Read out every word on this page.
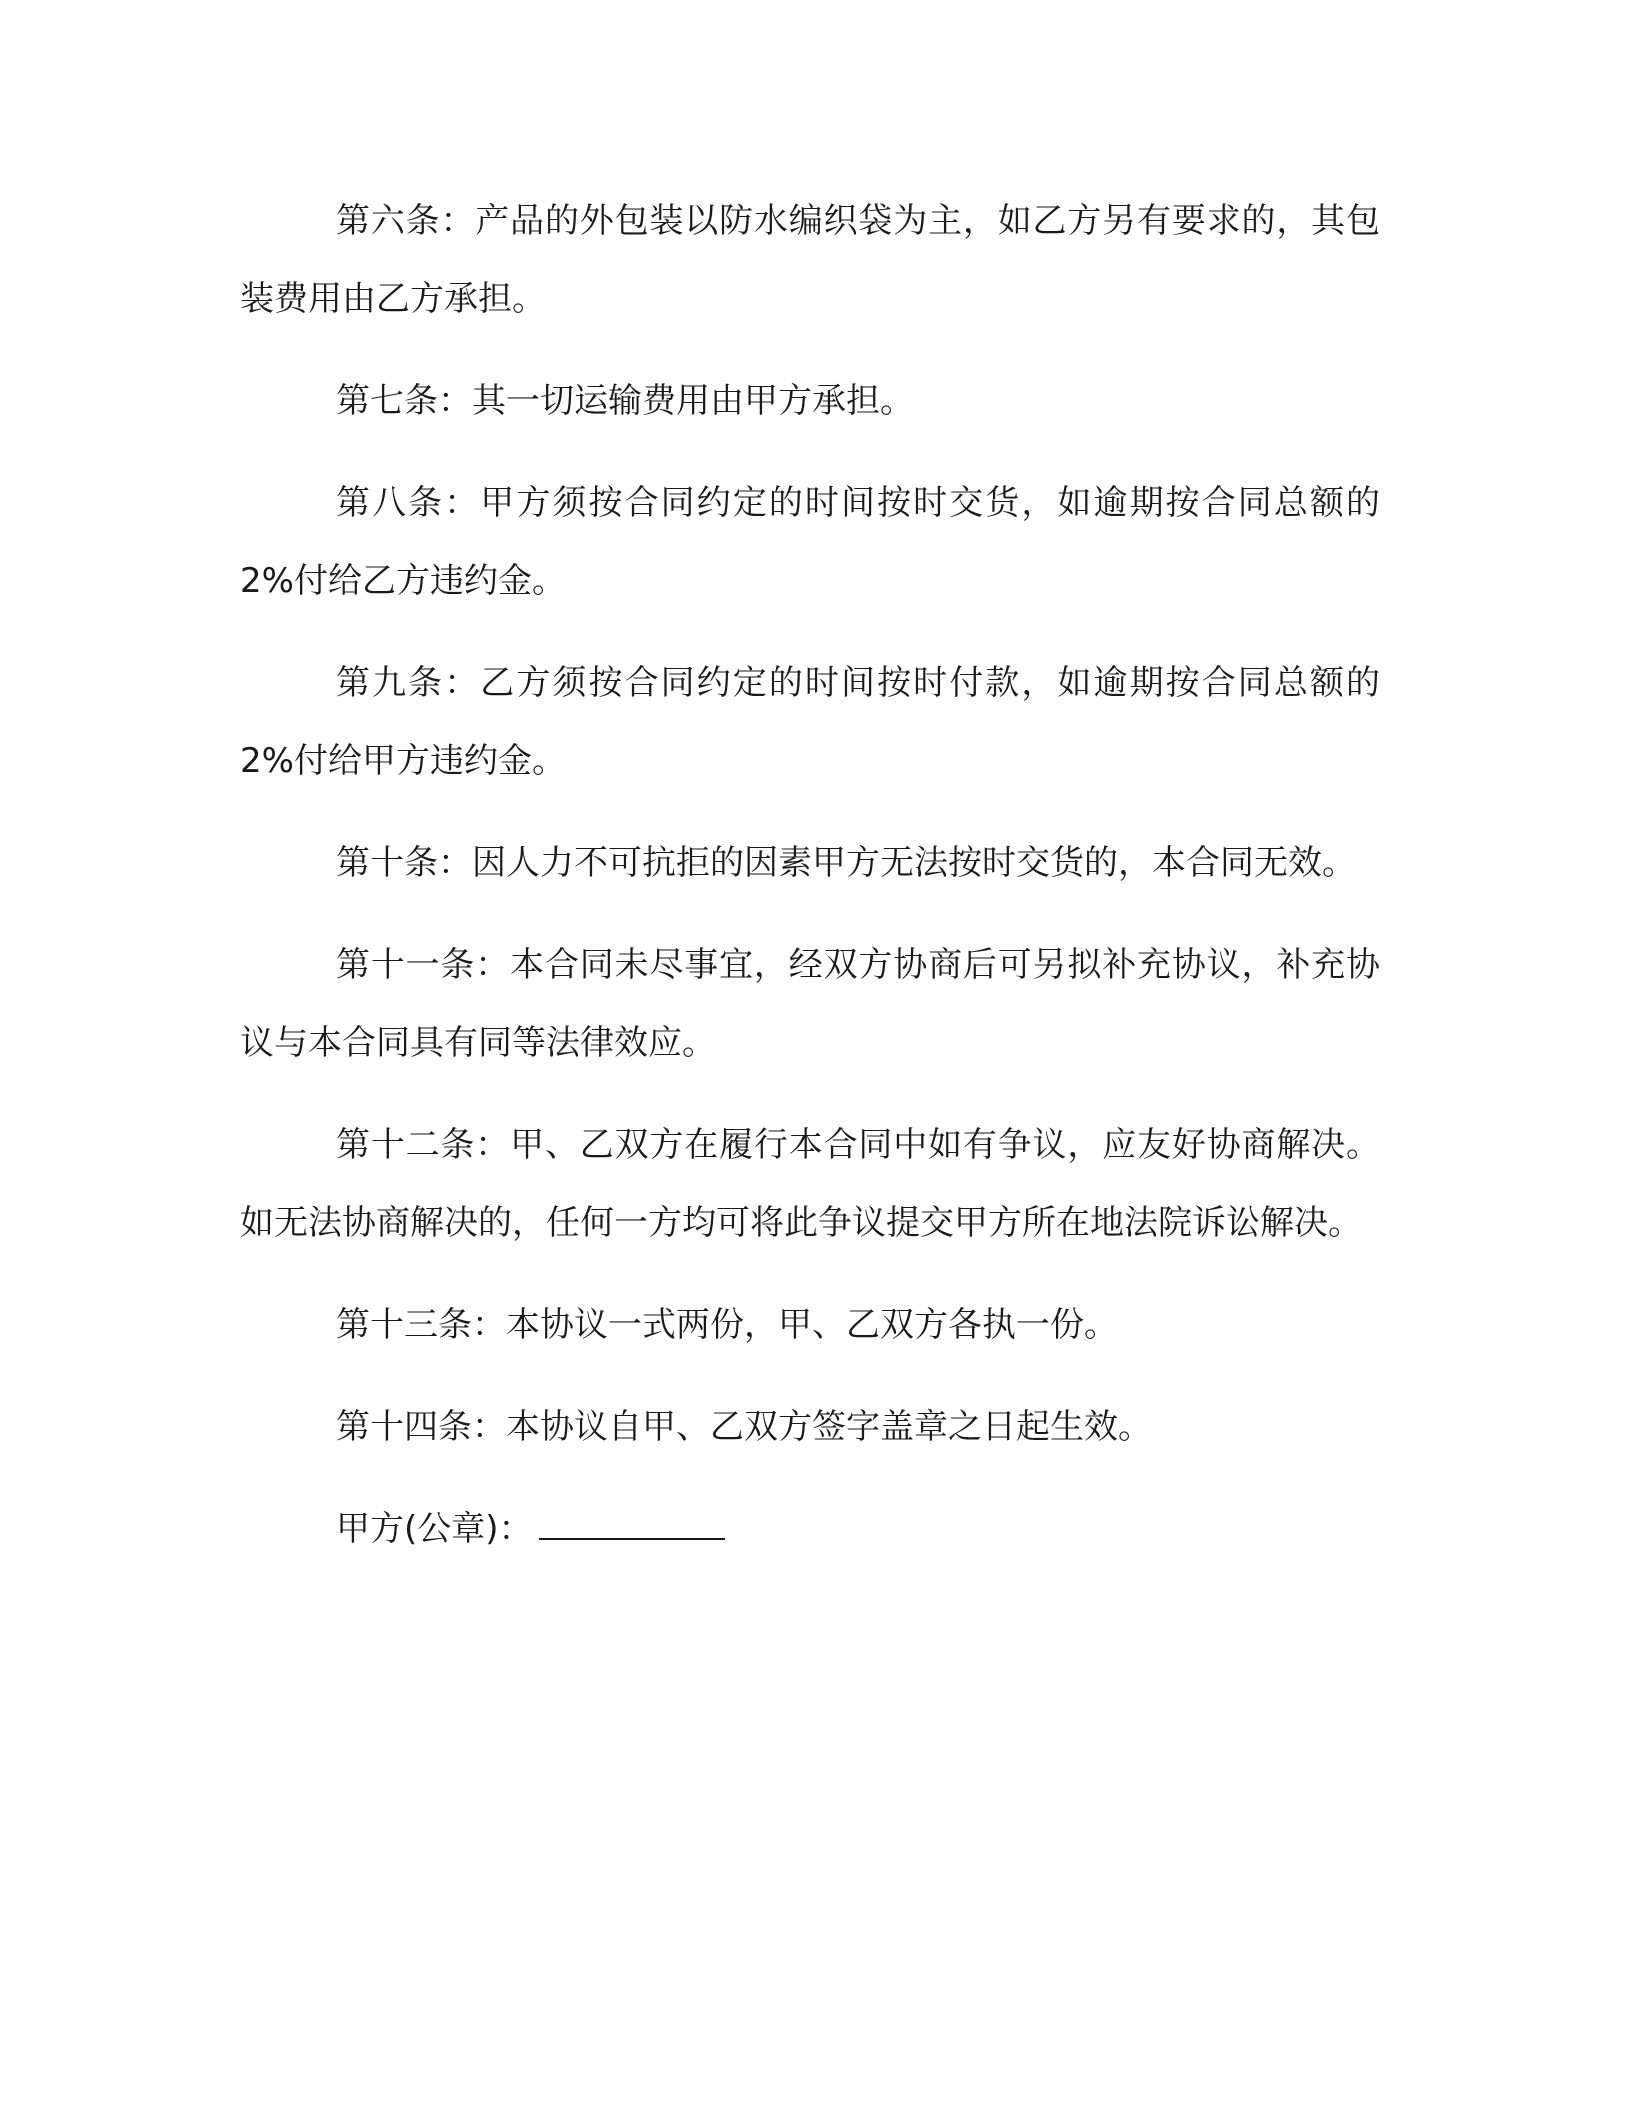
第六条：产品的外包装以防水编织袋为主，如乙方另有要求的，其包装费用由乙方承担。

第七条：其一切运输费用由甲方承担。

第八条：甲方须按合同约定的时间按时交货，如逾期按合同总额的 2%付给乙方违约金。

第九条：乙方须按合同约定的时间按时付款，如逾期按合同总额的 2%付给甲方违约金。

第十条：因人力不可抗拒的因素甲方无法按时交货的，本合同无效。

第十一条：本合同未尽事宜，经双方协商后可另拟补充协议，补充协议与本合同具有同等法律效应。

第十二条：甲、乙双方在履行本合同中如有争议，应友好协商解决。如无法协商解决的，任何一方均可将此争议提交甲方所在地法院诉讼解决。

第十三条：本协议一式两份，甲、乙双方各执一份。

第十四条：本协议自甲、乙双方签字盖章之日起生效。

甲方(公章)：
